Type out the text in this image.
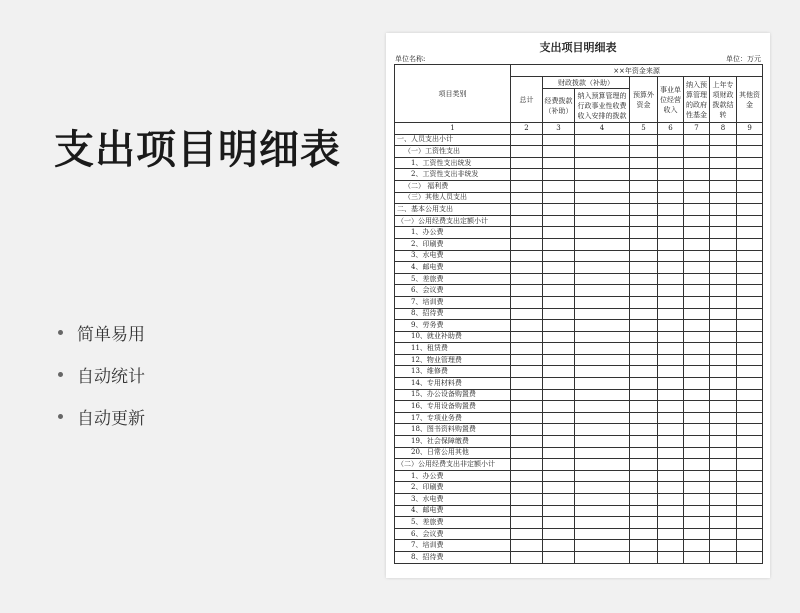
支出项目明细表
简单易用
自动统计
自动更新
支出项目明细表
单位名称:	单位：万元
项目类别	××年资金来源							
	总计	财政拨款（补助）		预算外资金	事业单位经营收入	纳入预算管理的政府性基金	上年专项财政拨款结转	其他资金
		经费拨款（补助）	纳入预算管理的行政事业性收费收入安排的拨款					
1	2	3	4	5	6	7	8	9
一、人员支出小计								
（一）工资性支出								
1、工资性支出统发								
2、工资性支出非统发								
（二） 福利费								
（三）其他人员支出								
二、基本公用支出								
（一）公用经费支出定额小计								
1、办公费								
2、印刷费								
3、水电费								
4、邮电费								
5、差旅费								
6、会议费								
7、培训费								
8、招待费								
9、劳务费								
10、就业补助费								
11、租赁费								
12、物业管理费								
13、维修费								
14、专用材料费								
15、办公设备购置费								
16、专用设备购置费								
17、专项业务费								
18、图书资料购置费								
19、社会保障缴费								
20、日常公用其他								
（二）公用经费支出非定额小计								
1、办公费								
2、印刷费								
3、水电费								
4、邮电费								
5、差旅费								
6、会议费								
7、培训费								
8、招待费								
